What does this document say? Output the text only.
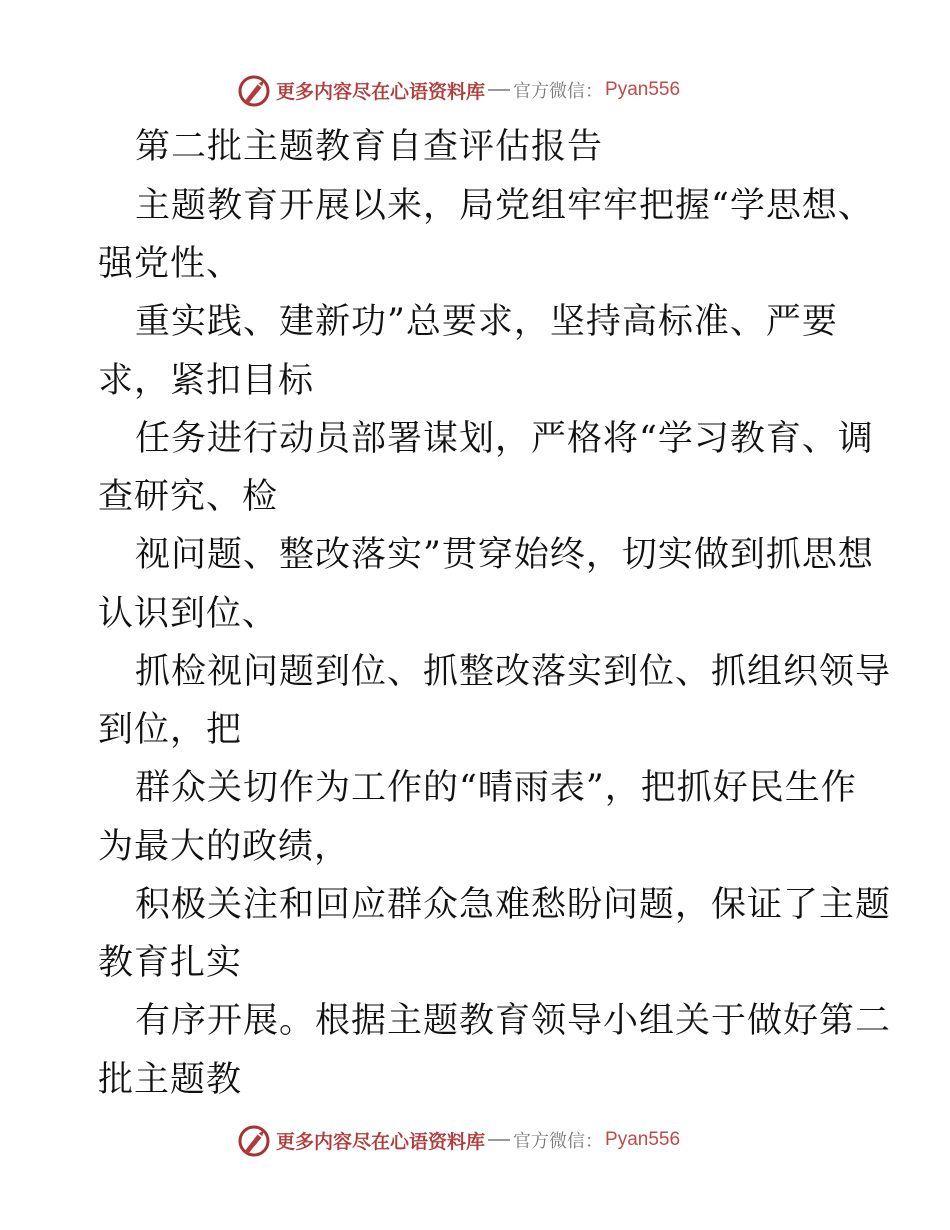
更多内容尽在心语资料库 官方微信： Pyan556
第二批主题教育自查评估报告
主题教育开展以来，局党组牢牢把握“学思想、
强党性、
重实践、建新功”总要求，坚持高标准、严要
求，紧扣目标
任务进行动员部署谋划，严格将“学习教育、调
查研究、检
视问题、整改落实”贯穿始终，切实做到抓思想
认识到位、
抓检视问题到位、抓整改落实到位、抓组织领导
到位，把
群众关切作为工作的“晴雨表”，把抓好民生作
为最大的政绩，
积极关注和回应群众急难愁盼问题，保证了主题
教育扎实
有序开展。根据主题教育领导小组关于做好第二
批主题教
更多内容尽在心语资料库 官方微信： Pyan556
